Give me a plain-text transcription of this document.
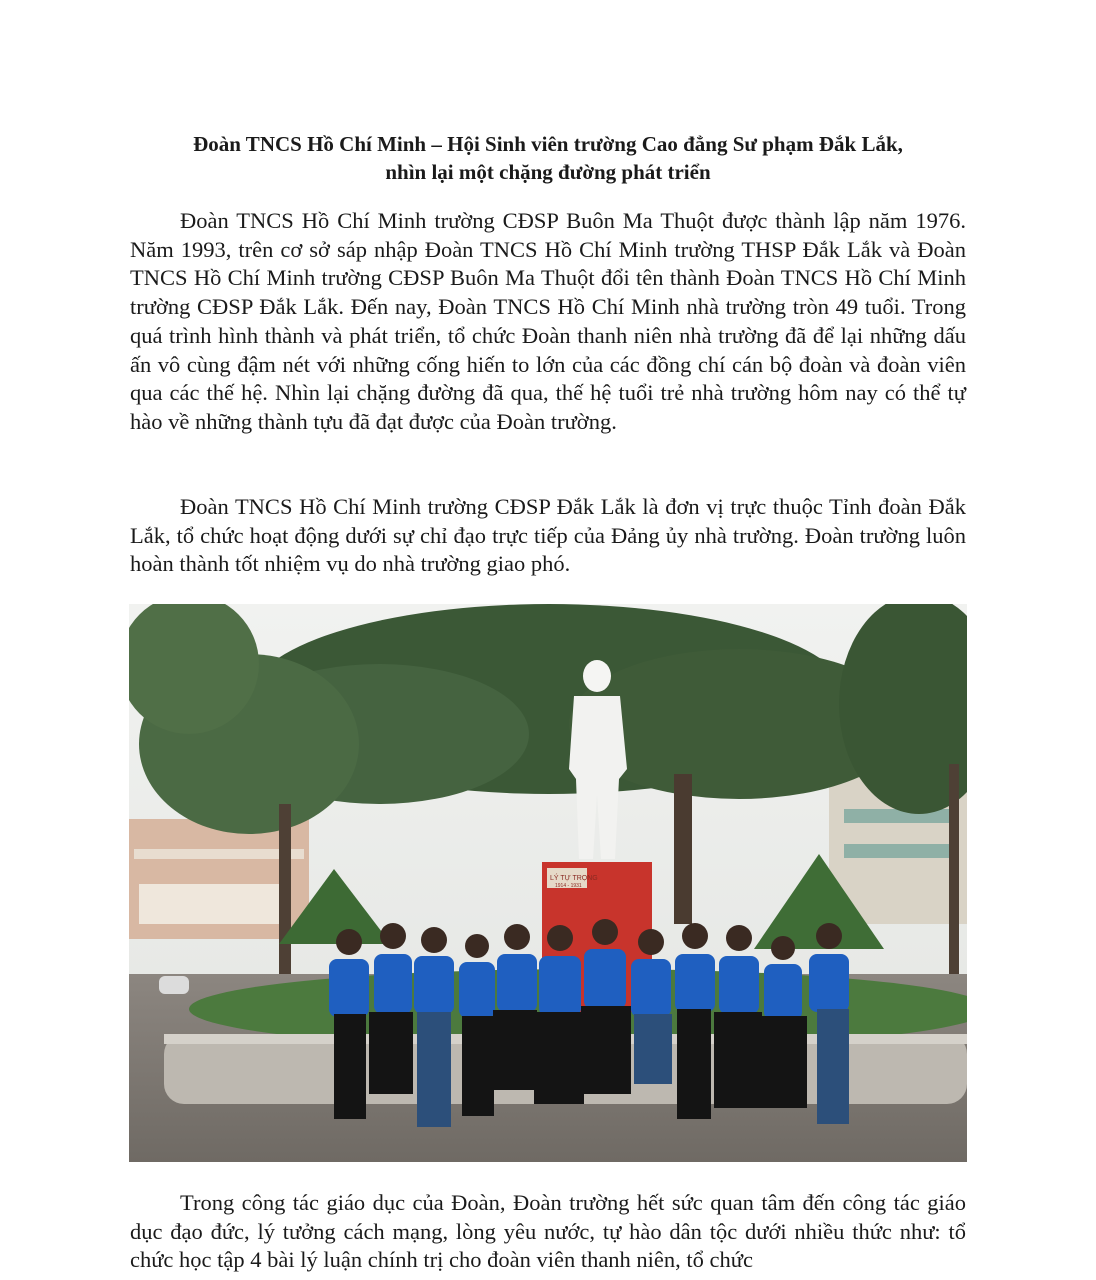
Đoàn TNCS Hồ Chí Minh – Hội Sinh viên trường Cao đẳng Sư phạm Đắk Lắk,
nhìn lại một chặng đường phát triển

Đoàn TNCS Hồ Chí Minh trường CĐSP Buôn Ma Thuột được thành lập năm 1976. Năm 1993, trên cơ sở sáp nhập Đoàn TNCS Hồ Chí Minh trường THSP Đắk Lắk và Đoàn TNCS Hồ Chí Minh trường CĐSP Buôn Ma Thuột đổi tên thành Đoàn TNCS Hồ Chí Minh trường CĐSP Đắk Lắk. Đến nay, Đoàn TNCS Hồ Chí Minh nhà trường tròn 49 tuổi. Trong quá trình hình thành và phát triển, tổ chức Đoàn thanh niên nhà trường đã để lại những dấu ấn vô cùng đậm nét với những cống hiến to lớn của các đồng chí cán bộ đoàn và đoàn viên qua các thế hệ. Nhìn lại chặng đường đã qua, thế hệ tuổi trẻ nhà trường hôm nay có thể tự hào về những thành tựu đã đạt được của Đoàn trường.

Đoàn TNCS Hồ Chí Minh trường CĐSP Đắk Lắk là đơn vị trực thuộc Tỉnh đoàn Đắk Lắk, tổ chức hoạt động dưới sự chỉ đạo trực tiếp của Đảng ủy nhà trường. Đoàn trường luôn hoàn thành tốt nhiệm vụ do nhà trường giao phó.

LÝ TỰ TRỌNG
1914 - 1931

Trong công tác giáo dục của Đoàn, Đoàn trường hết sức quan tâm đến công tác giáo dục đạo đức, lý tưởng cách mạng, lòng yêu nước, tự hào dân tộc dưới nhiều thức như: tổ chức học tập 4 bài lý luận chính trị cho đoàn viên thanh niên, tổ chức
